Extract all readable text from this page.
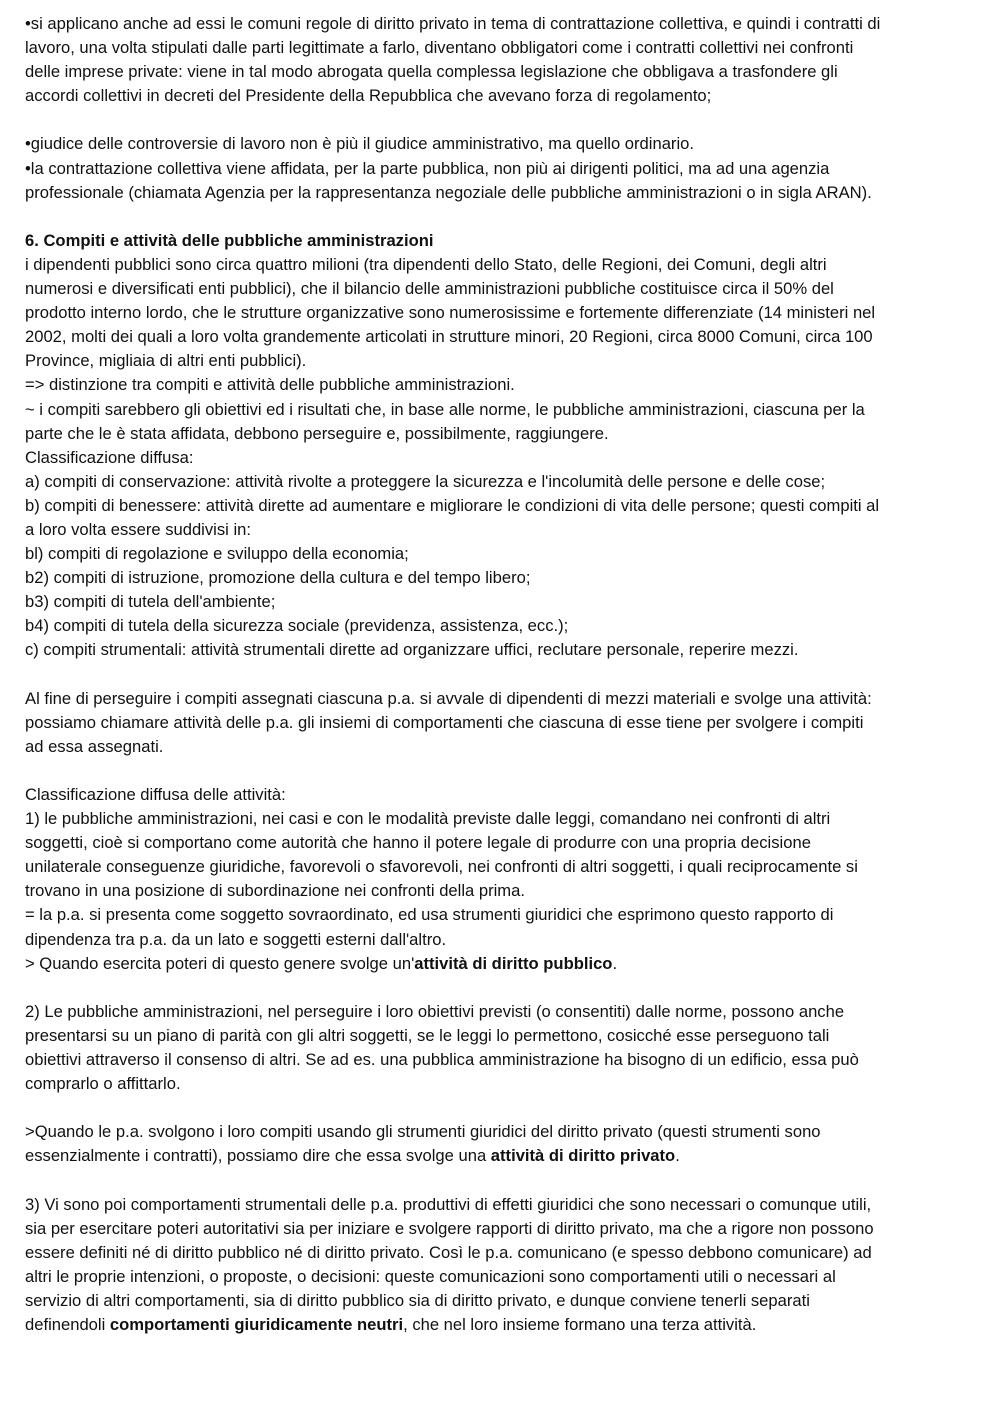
•si applicano anche ad essi le comuni regole di diritto privato in tema di contrattazione collettiva, e quindi i contratti di
lavoro, una volta stipulati dalle parti legittimate a farlo, diventano obbligatori come i contratti collettivi nei confronti
delle imprese private: viene in tal modo abrogata quella complessa legislazione che obbligava a trasfondere gli
accordi collettivi in decreti del Presidente della Repubblica che avevano forza di regolamento;
•giudice delle controversie di lavoro non è più il giudice amministrativo, ma quello ordinario.
•la contrattazione collettiva viene affidata, per la parte pubblica, non più ai dirigenti politici, ma ad una agenzia
professionale (chiamata Agenzia per la rappresentanza negoziale delle pubbliche amministrazioni o in sigla ARAN).
6. Compiti e attività delle pubbliche amministrazioni
i dipendenti pubblici sono circa quattro milioni (tra dipendenti dello Stato, delle Regioni, dei Comuni, degli altri
numerosi e diversificati enti pubblici), che il bilancio delle amministrazioni pubbliche costituisce circa il 50% del
prodotto interno lordo, che le strutture organizzative sono numerosissime e fortemente differenziate (14 ministeri nel
2002, molti dei quali a loro volta grandemente articolati in strutture minori, 20 Regioni, circa 8000 Comuni, circa 100
Province, migliaia di altri enti pubblici).
=> distinzione tra compiti e attività delle pubbliche amministrazioni.
~ i compiti sarebbero gli obiettivi ed i risultati che, in base alle norme, le pubbliche amministrazioni, ciascuna per la
parte che le è stata affidata, debbono perseguire e, possibilmente, raggiungere.
Classificazione diffusa:
a) compiti di conservazione: attività rivolte a proteggere la sicurezza e l'incolumità delle persone e delle cose;
b) compiti di benessere: attività dirette ad aumentare e migliorare le condizioni di vita delle persone; questi compiti al
a loro volta essere suddivisi in:
bl) compiti di regolazione e sviluppo della economia;
b2) compiti di istruzione, promozione della cultura e del tempo libero;
b3) compiti di tutela dell'ambiente;
b4) compiti di tutela della sicurezza sociale (previdenza, assistenza, ecc.);
c) compiti strumentali: attività strumentali dirette ad organizzare uffici, reclutare personale, reperire mezzi.
Al fine di perseguire i compiti assegnati ciascuna p.a. si avvale di dipendenti di mezzi materiali e svolge una attività:
possiamo chiamare attività delle p.a. gli insiemi di comportamenti che ciascuna di esse tiene per svolgere i compiti
ad essa assegnati.
Classificazione diffusa delle attività:
1) le pubbliche amministrazioni, nei casi e con le modalità previste dalle leggi, comandano nei confronti di altri
soggetti, cioè si comportano come autorità che hanno il potere legale di produrre con una propria decisione
unilaterale conseguenze giuridiche, favorevoli o sfavorevoli, nei confronti di altri soggetti, i quali reciprocamente si
trovano in una posizione di subordinazione nei confronti della prima.
= la p.a. si presenta come soggetto sovraordinato, ed usa strumenti giuridici che esprimono questo rapporto di
dipendenza tra p.a. da un lato e soggetti esterni dall'altro.
> Quando esercita poteri di questo genere svolge un'attività di diritto pubblico.
2) Le pubbliche amministrazioni, nel perseguire i loro obiettivi previsti (o consentiti) dalle norme, possono anche
presentarsi su un piano di parità con gli altri soggetti, se le leggi lo permettono, cosicché esse perseguono tali
obiettivi attraverso il consenso di altri. Se ad es. una pubblica amministrazione ha bisogno di un edificio, essa può
comprarlo o affittarlo.
>Quando le p.a. svolgono i loro compiti usando gli strumenti giuridici del diritto privato (questi strumenti sono
essenzialmente i contratti), possiamo dire che essa svolge una attività di diritto privato.
3) Vi sono poi comportamenti strumentali delle p.a. produttivi di effetti giuridici che sono necessari o comunque utili,
sia per esercitare poteri autoritativi sia per iniziare e svolgere rapporti di diritto privato, ma che a rigore non possono
essere definiti né di diritto pubblico né di diritto privato. Così le p.a. comunicano (e spesso debbono comunicare) ad
altri le proprie intenzioni, o proposte, o decisioni: queste comunicazioni sono comportamenti utili o necessari al
servizio di altri comportamenti, sia di diritto pubblico sia di diritto privato, e dunque conviene tenerli separati
definendoli comportamenti giuridicamente neutri, che nel loro insieme formano una terza attività.
